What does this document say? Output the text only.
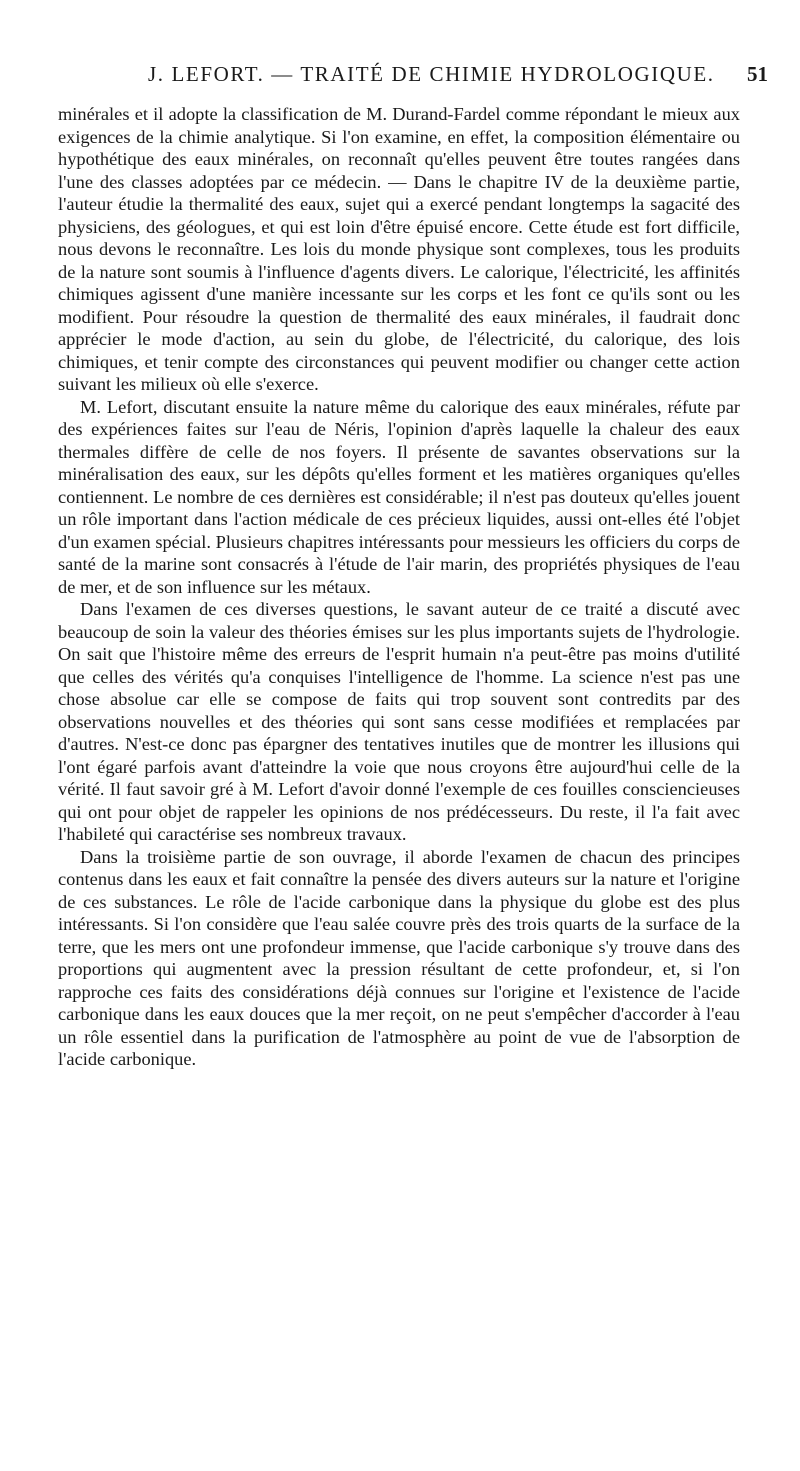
J. LEFORT. — TRAITÉ DE CHIMIE HYDROLOGIQUE. 51

minérales et il adopte la classification de M. Durand-Fardel comme répondant le mieux aux exigences de la chimie analytique. Si l'on examine, en effet, la composition élémentaire ou hypothétique des eaux minérales, on reconnaît qu'elles peuvent être toutes rangées dans l'une des classes adoptées par ce médecin. — Dans le chapitre IV de la deuxième partie, l'auteur étudie la thermalité des eaux, sujet qui a exercé pendant longtemps la sagacité des physiciens, des géologues, et qui est loin d'être épuisé encore. Cette étude est fort difficile, nous devons le reconnaître. Les lois du monde physique sont complexes, tous les produits de la nature sont soumis à l'influence d'agents divers. Le calorique, l'électricité, les affinités chimiques agissent d'une manière incessante sur les corps et les font ce qu'ils sont ou les modifient. Pour résoudre la question de thermalité des eaux minérales, il faudrait donc apprécier le mode d'action, au sein du globe, de l'électricité, du calorique, des lois chimiques, et tenir compte des circonstances qui peuvent modifier ou changer cette action suivant les milieux où elle s'exerce.

M. Lefort, discutant ensuite la nature même du calorique des eaux minérales, réfute par des expériences faites sur l'eau de Néris, l'opinion d'après laquelle la chaleur des eaux thermales diffère de celle de nos foyers. Il présente de savantes observations sur la minéralisation des eaux, sur les dépôts qu'elles forment et les matières organiques qu'elles contiennent. Le nombre de ces dernières est considérable; il n'est pas douteux qu'elles jouent un rôle important dans l'action médicale de ces précieux liquides, aussi ont-elles été l'objet d'un examen spécial. Plusieurs chapitres intéressants pour messieurs les officiers du corps de santé de la marine sont consacrés à l'étude de l'air marin, des propriétés physiques de l'eau de mer, et de son influence sur les métaux.

Dans l'examen de ces diverses questions, le savant auteur de ce traité a discuté avec beaucoup de soin la valeur des théories émises sur les plus importants sujets de l'hydrologie. On sait que l'histoire même des erreurs de l'esprit humain n'a peut-être pas moins d'utilité que celles des vérités qu'a conquises l'intelligence de l'homme. La science n'est pas une chose absolue car elle se compose de faits qui trop souvent sont contredits par des observations nouvelles et des théories qui sont sans cesse modifiées et remplacées par d'autres. N'est-ce donc pas épargner des tentatives inutiles que de montrer les illusions qui l'ont égaré parfois avant d'atteindre la voie que nous croyons être aujourd'hui celle de la vérité. Il faut savoir gré à M. Lefort d'avoir donné l'exemple de ces fouilles consciencieuses qui ont pour objet de rappeler les opinions de nos prédécesseurs. Du reste, il l'a fait avec l'habileté qui caractérise ses nombreux travaux.

Dans la troisième partie de son ouvrage, il aborde l'examen de chacun des principes contenus dans les eaux et fait connaître la pensée des divers auteurs sur la nature et l'origine de ces substances. Le rôle de l'acide carbonique dans la physique du globe est des plus intéressants. Si l'on considère que l'eau salée couvre près des trois quarts de la surface de la terre, que les mers ont une profondeur immense, que l'acide carbonique s'y trouve dans des proportions qui augmentent avec la pression résultant de cette profondeur, et, si l'on rapproche ces faits des considérations déjà connues sur l'origine et l'existence de l'acide carbonique dans les eaux douces que la mer reçoit, on ne peut s'empêcher d'accorder à l'eau un rôle essentiel dans la purification de l'atmosphère au point de vue de l'absorption de l'acide carbonique.
